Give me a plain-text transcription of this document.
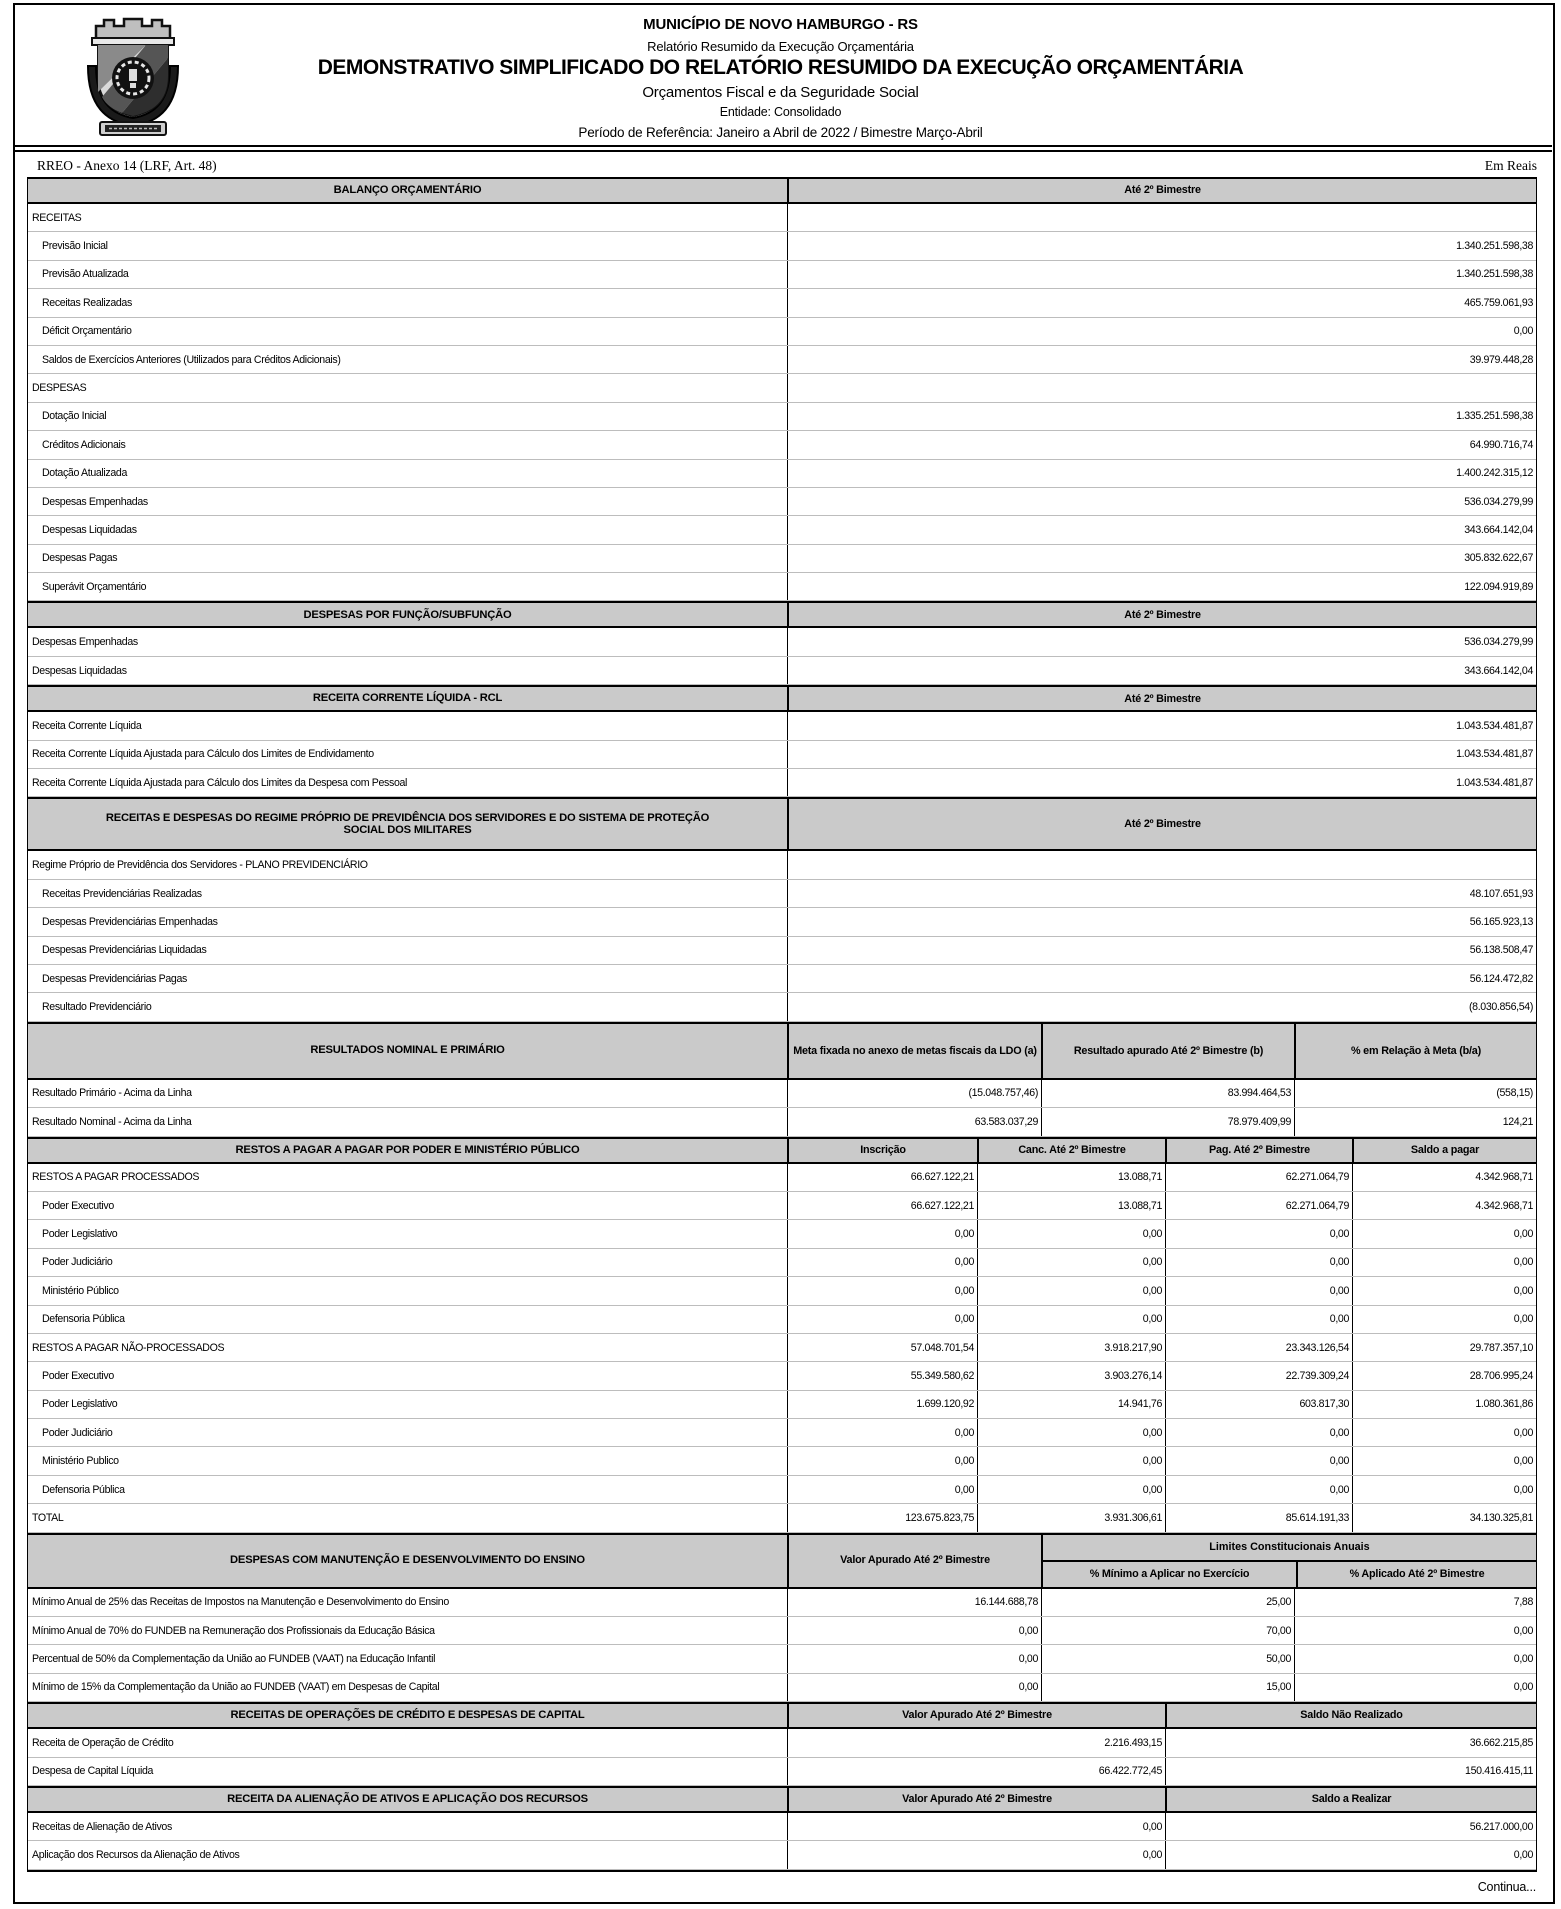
MUNICÍPIO DE NOVO HAMBURGO - RS
Relatório Resumido da Execução Orçamentária
DEMONSTRATIVO SIMPLIFICADO DO RELATÓRIO RESUMIDO DA EXECUÇÃO ORÇAMENTÁRIA
Orçamentos Fiscal e da Seguridade Social
Entidade: Consolidado
Período de Referência: Janeiro a Abril de 2022 / Bimestre Março-Abril
RREO - Anexo 14 (LRF, Art. 48)	Em Reais
BALANÇO ORÇAMENTÁRIO	Até 2º Bimestre
RECEITAS
Previsão Inicial	1.340.251.598,38
Previsão Atualizada	1.340.251.598,38
Receitas Realizadas	465.759.061,93
Déficit Orçamentário	0,00
Saldos de Exercícios Anteriores (Utilizados para Créditos Adicionais)	39.979.448,28
DESPESAS
Dotação Inicial	1.335.251.598,38
Créditos Adicionais	64.990.716,74
Dotação Atualizada	1.400.242.315,12
Despesas Empenhadas	536.034.279,99
Despesas Liquidadas	343.664.142,04
Despesas Pagas	305.832.622,67
Superávit Orçamentário	122.094.919,89
DESPESAS POR FUNÇÃO/SUBFUNÇÃO	Até 2º Bimestre
Despesas Empenhadas	536.034.279,99
Despesas Liquidadas	343.664.142,04
RECEITA CORRENTE LÍQUIDA - RCL	Até 2º Bimestre
Receita Corrente Líquida	1.043.534.481,87
Receita Corrente Líquida Ajustada para Cálculo dos Limites de Endividamento	1.043.534.481,87
Receita Corrente Líquida Ajustada para Cálculo dos Limites da Despesa com Pessoal	1.043.534.481,87
RECEITAS E DESPESAS DO REGIME PRÓPRIO DE PREVIDÊNCIA DOS SERVIDORES E DO SISTEMA DE PROTEÇÃO SOCIAL DOS MILITARES
Até 2º Bimestre
Regime Próprio de Previdência dos Servidores - PLANO PREVIDENCIÁRIO
Receitas Previdenciárias Realizadas	48.107.651,93
Despesas Previdenciárias Empenhadas	56.165.923,13
Despesas Previdenciárias Liquidadas	56.138.508,47
Despesas Previdenciárias Pagas	56.124.472,82
Resultado Previdenciário	(8.030.856,54)
RESULTADOS NOMINAL E PRIMÁRIO	Meta fixada no anexo de metas fiscais da LDO (a)	Resultado apurado Até 2º Bimestre (b)	% em Relação à Meta (b/a)
Resultado Primário - Acima da Linha	(15.048.757,46)	83.994.464,53	(558,15)
Resultado Nominal - Acima da Linha	63.583.037,29	78.979.409,99	124,21
RESTOS A PAGAR A PAGAR POR PODER E MINISTÉRIO PÚBLICO	Inscrição	Canc. Até 2º Bimestre	Pag. Até 2º Bimestre	Saldo a pagar
RESTOS A PAGAR PROCESSADOS	66.627.122,21	13.088,71	62.271.064,79	4.342.968,71
Poder Executivo	66.627.122,21	13.088,71	62.271.064,79	4.342.968,71
Poder Legislativo	0,00	0,00	0,00	0,00
Poder Judiciário	0,00	0,00	0,00	0,00
Ministério Público	0,00	0,00	0,00	0,00
Defensoria Pública	0,00	0,00	0,00	0,00
RESTOS A PAGAR NÃO-PROCESSADOS	57.048.701,54	3.918.217,90	23.343.126,54	29.787.357,10
Poder Executivo	55.349.580,62	3.903.276,14	22.739.309,24	28.706.995,24
Poder Legislativo	1.699.120,92	14.941,76	603.817,30	1.080.361,86
Poder Judiciário	0,00	0,00	0,00	0,00
Ministério Publico	0,00	0,00	0,00	0,00
Defensoria Pública	0,00	0,00	0,00	0,00
TOTAL	123.675.823,75	3.931.306,61	85.614.191,33	34.130.325,81
DESPESAS COM MANUTENÇÃO E DESENVOLVIMENTO DO ENSINO	Valor Apurado Até 2º Bimestre
Limites Constitucionais Anuais
% Mínimo a Aplicar no Exercício	% Aplicado Até 2º Bimestre
Mínimo Anual de 25% das Receitas de Impostos na Manutenção e Desenvolvimento do Ensino	16.144.688,78	25,00	7,88
Mínimo Anual de 70% do FUNDEB na Remuneração dos Profissionais da Educação Básica	0,00	70,00	0,00
Percentual de 50% da Complementação da União ao FUNDEB (VAAT) na Educação Infantil	0,00	50,00	0,00
Mínimo de 15% da Complementação da União ao FUNDEB (VAAT) em Despesas de Capital	0,00	15,00	0,00
RECEITAS DE OPERAÇÕES DE CRÉDITO E DESPESAS DE CAPITAL	Valor Apurado Até 2º Bimestre	Saldo Não Realizado
Receita de Operação de Crédito	2.216.493,15	36.662.215,85
Despesa de Capital Líquida	66.422.772,45	150.416.415,11
RECEITA DA ALIENAÇÃO DE ATIVOS E APLICAÇÃO DOS RECURSOS	Valor Apurado Até 2º Bimestre	Saldo a Realizar
Receitas de Alienação de Ativos	0,00	56.217.000,00
Aplicação dos Recursos da Alienação de Ativos	0,00	0,00
Continua...
